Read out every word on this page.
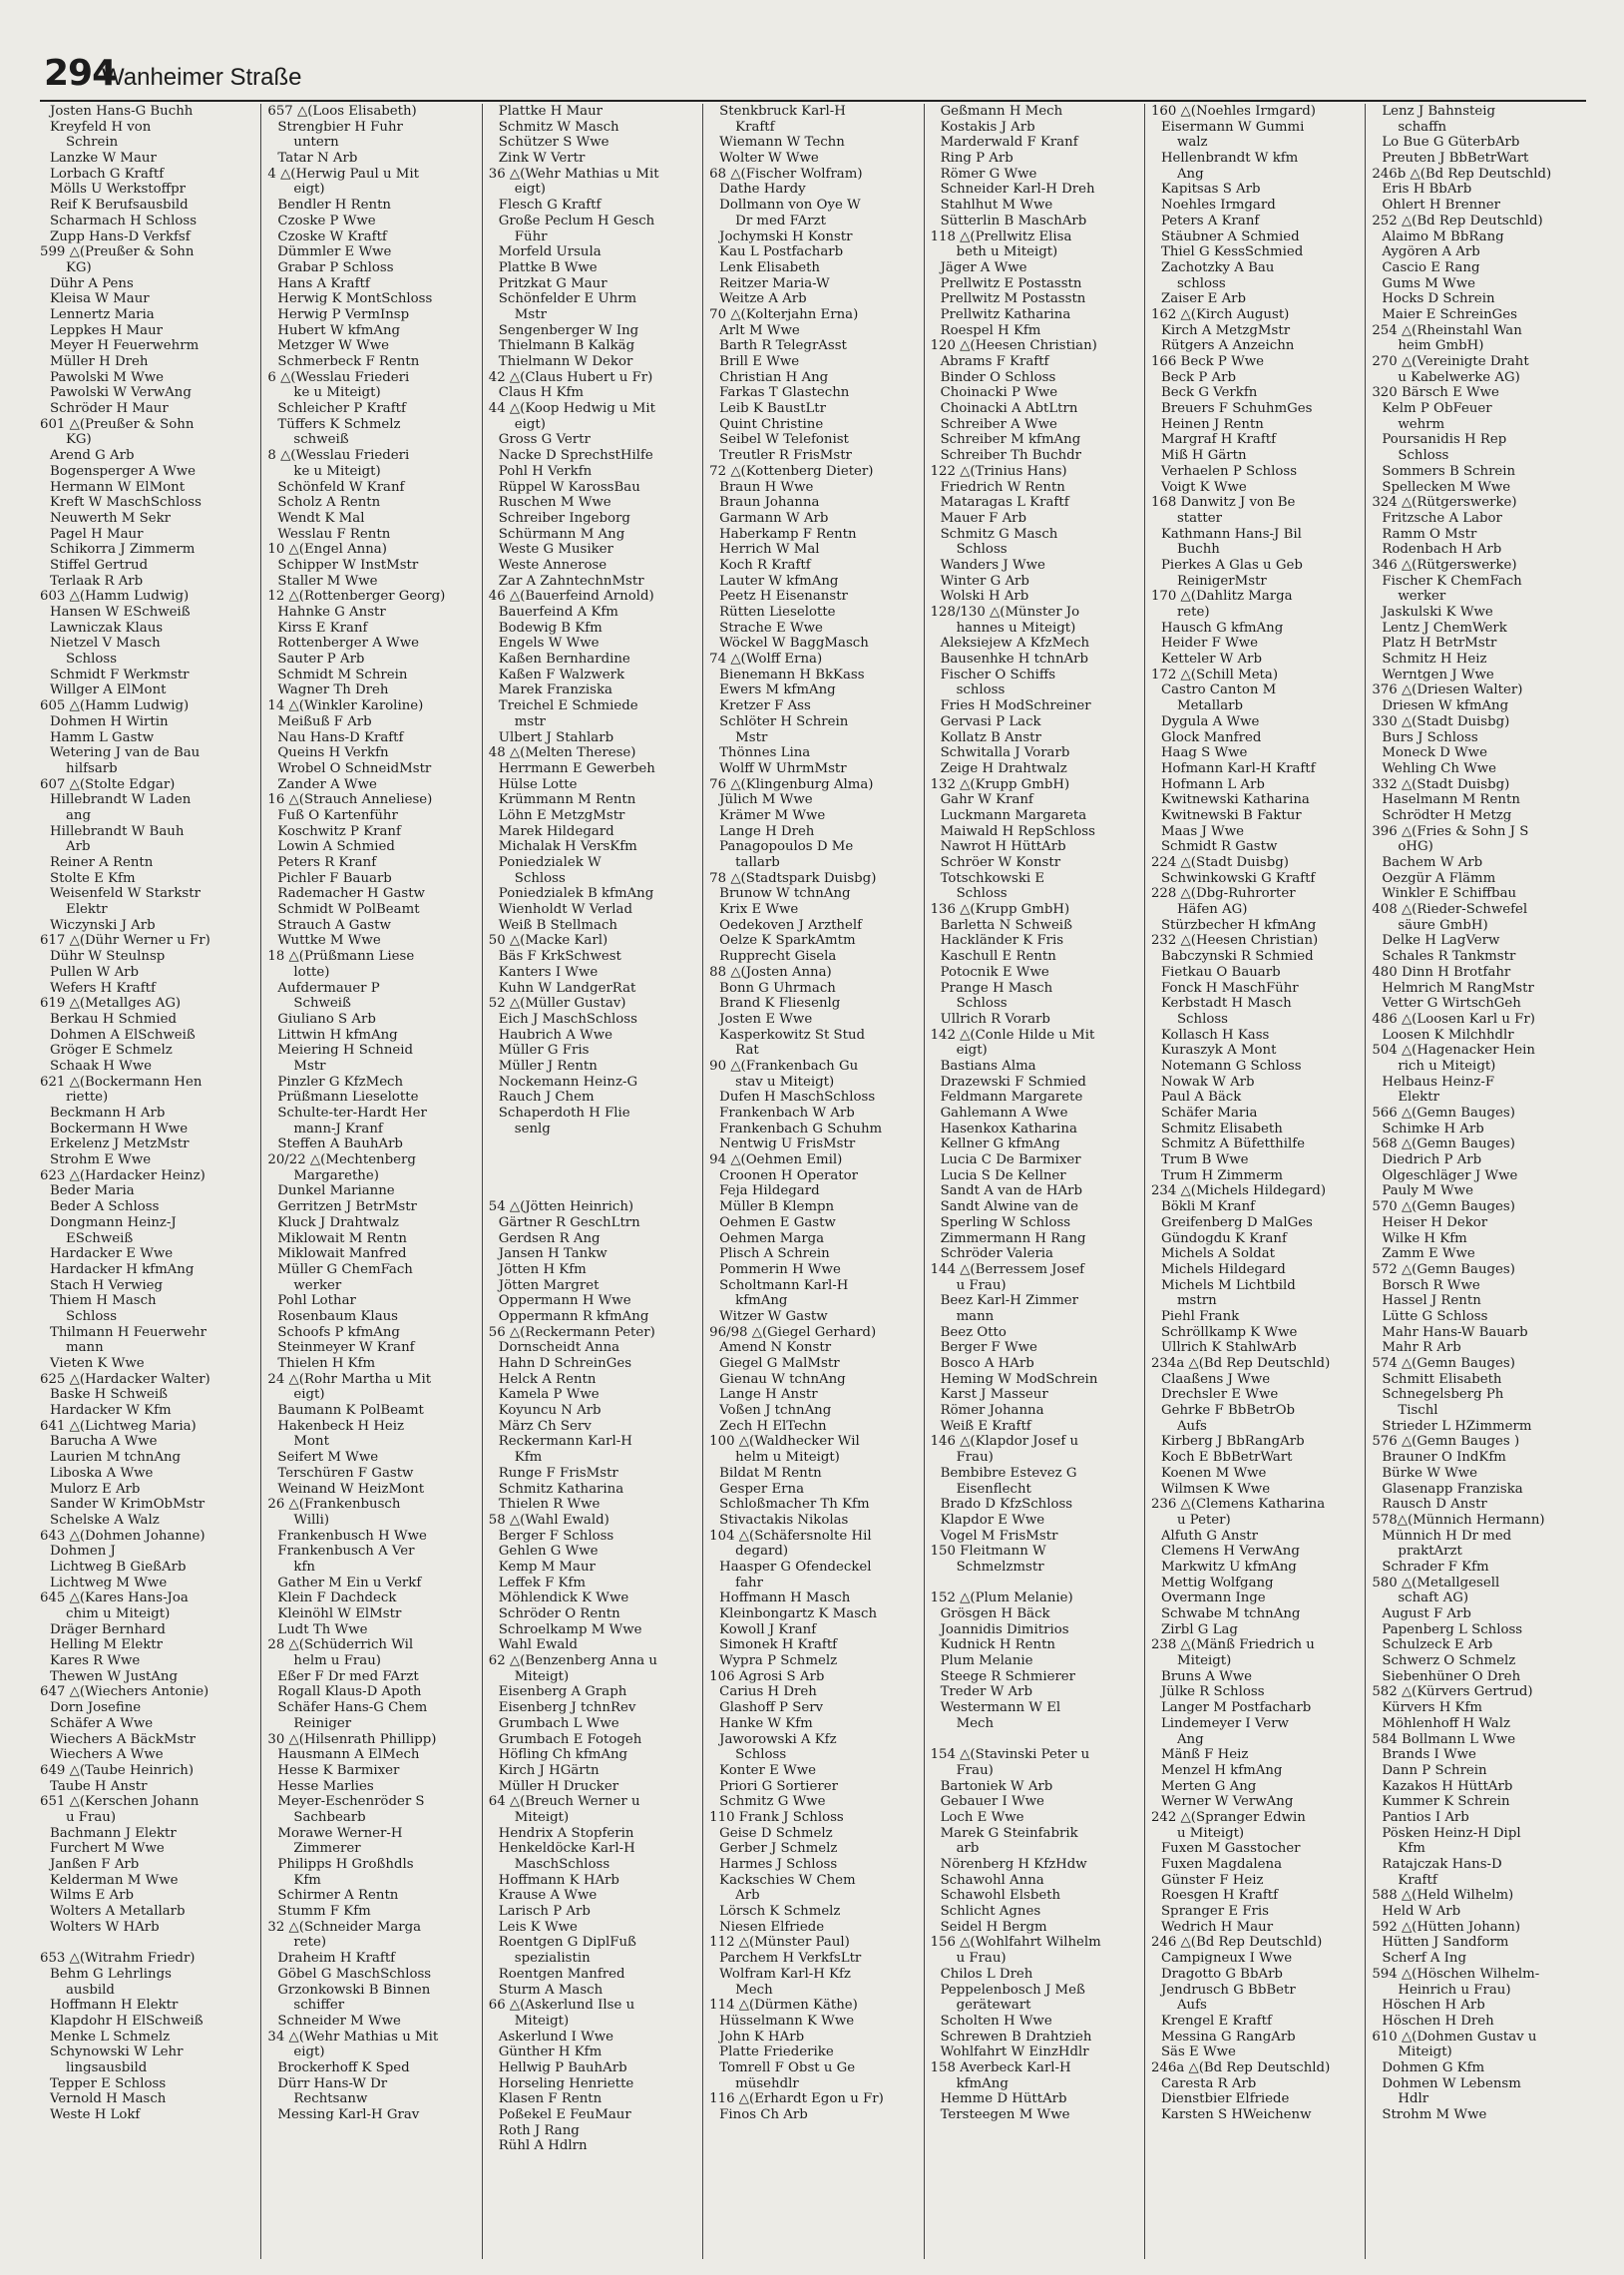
294
Wanheimer Straße
Josten Hans-G Buchh
Kreyfeld H von
Schrein
Lanzke W Maur
Lorbach G Kraftf
Mölls U Werkstoffpr
Reif K Berufsausbild
Scharmach H Schloss
Zupp Hans-D Verkfsf
599 △(Preußer & Sohn
KG)
Dühr A Pens
Kleisa W Maur
Lennertz Maria
Leppkes H Maur
Meyer H Feuerwehrm
Müller H Dreh
Pawolski M Wwe
Pawolski W VerwAng
Schröder H Maur
601 △(Preußer & Sohn
KG)
Arend G Arb
Bogensperger A Wwe
Hermann W ElMont
Kreft W MaschSchloss
Neuwerth M Sekr
Pagel H Maur
Schikorra J Zimmerm
Stiffel Gertrud
Terlaak R Arb
603 △(Hamm Ludwig)
Hansen W ESchweiß
Lawniczak Klaus
Nietzel V Masch
Schloss
Schmidt F Werkmstr
Willger A ElMont
605 △(Hamm Ludwig)
Dohmen H Wirtin
Hamm L Gastw
Wetering J van de Bau
hilfsarb
607 △(Stolte Edgar)
Hillebrandt W Laden
ang
Hillebrandt W Bauh
Arb
Reiner A Rentn
Stolte E Kfm
Weisenfeld W Starkstr
Elektr
Wiczynski J Arb
617 △(Dühr Werner u Fr)
Dühr W Steulnsp
Pullen W Arb
Wefers H Kraftf
619 △(Metallges AG)
Berkau H Schmied
Dohmen A ElSchweiß
Gröger E Schmelz
Schaak H Wwe
621 △(Bockermann Hen
riette)
Beckmann H Arb
Bockermann H Wwe
Erkelenz J MetzMstr
Strohm E Wwe
623 △(Hardacker Heinz)
Beder Maria
Beder A Schloss
Dongmann Heinz-J
ESchweiß
Hardacker E Wwe
Hardacker H kfmAng
Stach H Verwieg
Thiem H Masch
Schloss
Thilmann H Feuerwehr
mann
Vieten K Wwe
625 △(Hardacker Walter)
Baske H Schweiß
Hardacker W Kfm
641 △(Lichtweg Maria)
Barucha A Wwe
Laurien M tchnAng
Liboska A Wwe
Mulorz E Arb
Sander W KrimObMstr
Schelske A Walz
643 △(Dohmen Johanne)
Dohmen J
Lichtweg B GießArb
Lichtweg M Wwe
645 △(Kares Hans-Joa
chim u Miteigt)
Dräger Bernhard
Helling M Elektr
Kares R Wwe
Thewen W JustAng
647 △(Wiechers Antonie)
Dorn Josefine
Schäfer A Wwe
Wiechers A BäckMstr
Wiechers A Wwe
649 △(Taube Heinrich)
Taube H Anstr
651 △(Kerschen Johann
u Frau)
Bachmann J Elektr
Furchert M Wwe
Janßen F Arb
Kelderman M Wwe
Wilms E Arb
Wolters A Metallarb
Wolters W HArb

653 △(Witrahm Friedr)
Behm G Lehrlings
ausbild
Hoffmann H Elektr
Klapdohr H ElSchweiß
Menke L Schmelz
Schynowski W Lehr
lingsausbild
Tepper E Schloss
Vernold H Masch
Weste H Lokf
657 △(Loos Elisabeth)
Strengbier H Fuhr
untern
Tatar N Arb
4 △(Herwig Paul u Mit
eigt)
Bendler H Rentn
Czoske P Wwe
Czoske W Kraftf
Dümmler E Wwe
Grabar P Schloss
Hans A Kraftf
Herwig K MontSchloss
Herwig P VermInsp
Hubert W kfmAng
Metzger W Wwe
Schmerbeck F Rentn
6 △(Wesslau Friederi
ke u Miteigt)
Schleicher P Kraftf
Tüffers K Schmelz
schweiß
8 △(Wesslau Friederi
ke u Miteigt)
Schönfeld W Kranf
Scholz A Rentn
Wendt K Mal
Wesslau F Rentn
10 △(Engel Anna)
Schipper W InstMstr
Staller M Wwe
12 △(Rottenberger Georg)
Hahnke G Anstr
Kirss E Kranf
Rottenberger A Wwe
Sauter P Arb
Schmidt M Schrein
Wagner Th Dreh
14 △(Winkler Karoline)
Meißuß F Arb
Nau Hans-D Kraftf
Queins H Verkfn
Wrobel O SchneidMstr
Zander A Wwe
16 △(Strauch Anneliese)
Fuß O Kartenführ
Koschwitz P Kranf
Lowin A Schmied
Peters R Kranf
Pichler F Bauarb
Rademacher H Gastw
Schmidt W PolBeamt
Strauch A Gastw
Wuttke M Wwe
18 △(Prüßmann Liese
lotte)
Aufdermauer P
Schweiß
Giuliano S Arb
Littwin H kfmAng
Meiering H Schneid
Mstr
Pinzler G KfzMech
Prüßmann Lieselotte
Schulte-ter-Hardt Her
mann-J Kranf
Steffen A BauhArb
20/22 △(Mechtenberg
Margarethe)
Dunkel Marianne
Gerritzen J BetrMstr
Kluck J Drahtwalz
Miklowait M Rentn
Miklowait Manfred
Müller G ChemFach
werker
Pohl Lothar
Rosenbaum Klaus
Schoofs P kfmAng
Steinmeyer W Kranf
Thielen H Kfm
24 △(Rohr Martha u Mit
eigt)
Baumann K PolBeamt
Hakenbeck H Heiz
Mont
Seifert M Wwe
Terschüren F Gastw
Weinand W HeizMont
26 △(Frankenbusch
Willi)
Frankenbusch H Wwe
Frankenbusch A Ver
kfn
Gather M Ein u Verkf
Klein F Dachdeck
Kleinöhl W ElMstr
Ludt Th Wwe
28 △(Schüderrich Wil
helm u Frau)
Eßer F Dr med FArzt
Rogall Klaus-D Apoth
Schäfer Hans-G Chem
Reiniger
30 △(Hilsenrath Phillipp)
Hausmann A ElMech
Hesse K Barmixer
Hesse Marlies
Meyer-Eschenröder S
Sachbearb
Morawe Werner-H
Zimmerer
Philipps H Großhdls
Kfm
Schirmer A Rentn
Stumm F Kfm
32 △(Schneider Marga
rete)
Draheim H Kraftf
Göbel G MaschSchloss
Grzonkowski B Binnen
schiffer
Schneider M Wwe
34 △(Wehr Mathias u Mit
eigt)
Brockerhoff K Sped
Dürr Hans-W Dr
Rechtsanw
Messing Karl-H Grav
Plattke H Maur
Schmitz W Masch
Schützer S Wwe
Zink W Vertr
36 △(Wehr Mathias u Mit
eigt)
Flesch G Kraftf
Große Peclum H Gesch
Führ
Morfeld Ursula
Plattke B Wwe
Pritzkat G Maur
Schönfelder E Uhrm
Mstr
Sengenberger W Ing
Thielmann B Kalkäg
Thielmann W Dekor
42 △(Claus Hubert u Fr)
Claus H Kfm
44 △(Koop Hedwig u Mit
eigt)
Gross G Vertr
Nacke D SprechstHilfe
Pohl H Verkfn
Rüppel W KarossBau
Ruschen M Wwe
Schreiber Ingeborg
Schürmann M Ang
Weste G Musiker
Weste Annerose
Zar A ZahntechnMstr
46 △(Bauerfeind Arnold)
Bauerfeind A Kfm
Bodewig B Kfm
Engels W Wwe
Kaßen Bernhardine
Kaßen F Walzwerk
Marek Franziska
Treichel E Schmiede
mstr
Ulbert J Stahlarb
48 △(Melten Therese)
Herrmann E Gewerbeh
Hülse Lotte
Krümmann M Rentn
Löhn E MetzgMstr
Marek Hildegard
Michalak H VersKfm
Poniedzialek W
Schloss
Poniedzialek B kfmAng
Wienholdt W Verlad
Weiß B Stellmach
50 △(Macke Karl)
Bäs F KrkSchwest
Kanters I Wwe
Kuhn W LandgerRat
52 △(Müller Gustav)
Eich J MaschSchloss
Haubrich A Wwe
Müller G Fris
Müller J Rentn
Nockemann Heinz-G
Rauch J Chem
Schaperdoth H Flie
senlg

54 △(Jötten Heinrich)
Gärtner R GeschLtrn
Gerdsen R Ang
Jansen H Tankw
Jötten H Kfm
Jötten Margret
Oppermann H Wwe
Oppermann R kfmAng
56 △(Reckermann Peter)
Dornscheidt Anna
Hahn D SchreinGes
Helck A Rentn
Kamela P Wwe
Koyuncu N Arb
März Ch Serv
Reckermann Karl-H
Kfm
Runge F FrisMstr
Schmitz Katharina
Thielen R Wwe
58 △(Wahl Ewald)
Berger F Schloss
Gehlen G Wwe
Kemp M Maur
Leffek F Kfm
Möhlendick K Wwe
Schröder O Rentn
Schroelkamp M Wwe
Wahl Ewald
62 △(Benzenberg Anna u
Miteigt)
Eisenberg A Graph
Eisenberg J tchnRev
Grumbach L Wwe
Grumbach E Fotogeh
Höfling Ch kfmAng
Kirch J HGärtn
Müller H Drucker
64 △(Breuch Werner u
Miteigt)
Hendrix A Stopferin
Henkeldöcke Karl-H
MaschSchloss
Hoffmann K HArb
Krause A Wwe
Larisch P Arb
Leis K Wwe
Roentgen G DiplFuß
spezialistin
Roentgen Manfred
Sturm A Masch
66 △(Askerlund Ilse u
Miteigt)
Askerlund I Wwe
Günther H Kfm
Hellwig P BauhArb
Horseling Henriette
Klasen F Rentn
Poßekel E FeuMaur
Roth J Rang
Rühl A Hdlrn
Stenkbruck Karl-H
Kraftf
Wiemann W Techn
Wolter W Wwe
68 △(Fischer Wolfram)
Dathe Hardy
Dollmann von Oye W
Dr med FArzt
Jochymski H Konstr
Kau L Postfacharb
Lenk Elisabeth
Reitzer Maria-W
Weitze A Arb
70 △(Kolterjahn Erna)
Arlt M Wwe
Barth R TelegrAsst
Brill E Wwe
Christian H Ang
Farkas T Glastechn
Leib K BaustLtr
Quint Christine
Seibel W Telefonist
Treutler R FrisMstr
72 △(Kottenberg Dieter)
Braun H Wwe
Braun Johanna
Garmann W Arb
Haberkamp F Rentn
Herrich W Mal
Koch R Kraftf
Lauter W kfmAng
Peetz H Eisenanstr
Rütten Lieselotte
Strache E Wwe
Wöckel W BaggMasch
74 △(Wolff Erna)
Bienemann H BkKass
Ewers M kfmAng
Kretzer F Ass
Schlöter H Schrein
Mstr
Thönnes Lina
Wolff W UhrmMstr
76 △(Klingenburg Alma)
Jülich M Wwe
Krämer M Wwe
Lange H Dreh
Panagopoulos D Me
tallarb
78 △(Stadtspark Duisbg)
Brunow W tchnAng
Krix E Wwe
Oedekoven J Arzthelf
Oelze K SparkAmtm
Rupprecht Gisela
88 △(Josten Anna)
Bonn G Uhrmach
Brand K Fliesenlg
Josten E Wwe
Kasperkowitz St Stud
Rat
90 △(Frankenbach Gu
stav u Miteigt)
Dufen H MaschSchloss
Frankenbach W Arb
Frankenbach G Schuhm
Nentwig U FrisMstr
94 △(Oehmen Emil)
Croonen H Operator
Feja Hildegard
Müller B Klempn
Oehmen E Gastw
Oehmen Marga
Plisch A Schrein
Pommerin H Wwe
Scholtmann Karl-H
kfmAng
Witzer W Gastw
96/98 △(Giegel Gerhard)
Amend N Konstr
Giegel G MalMstr
Gienau W tchnAng
Lange H Anstr
Voßen J tchnAng
Zech H ElTechn
100 △(Waldhecker Wil
helm u Miteigt)
Bildat M Rentn
Gesper Erna
Schloßmacher Th Kfm
Stivactakis Nikolas
104 △(Schäfersnolte Hil
degard)
Haasper G Ofendeckel
fahr
Hoffmann H Masch
Kleinbongartz K Masch
Kowoll J Kranf
Simonek H Kraftf
Wypra P Schmelz
106 Agrosi S Arb
Carius H Dreh
Glashoff P Serv
Hanke W Kfm
Jaworowski A Kfz
Schloss
Konter E Wwe
Priori G Sortierer
Schmitz G Wwe
110 Frank J Schloss
Geise D Schmelz
Gerber J Schmelz
Harmes J Schloss
Kackschies W Chem
Arb
Lörsch K Schmelz
Niesen Elfriede
112 △(Münster Paul)
Parchem H VerkfsLtr
Wolfram Karl-H Kfz
Mech
114 △(Dürmen Käthe)
Hüsselmann K Wwe
John K HArb
Platte Friederike
Tomrell F Obst u Ge
müsehdlr
116 △(Erhardt Egon u Fr)
Finos Ch Arb
Geßmann H Mech
Kostakis J Arb
Marderwald F Kranf
Ring P Arb
Römer G Wwe
Schneider Karl-H Dreh
Stahlhut M Wwe
Sütterlin B MaschArb
118 △(Prellwitz Elisa
beth u Miteigt)
Jäger A Wwe
Prellwitz E Postasstn
Prellwitz M Postasstn
Prellwitz Katharina
Roespel H Kfm
120 △(Heesen Christian)
Abrams F Kraftf
Binder O Schloss
Choinacki P Wwe
Choinacki A AbtLtrn
Schreiber A Wwe
Schreiber M kfmAng
Schreiber Th Buchdr
122 △(Trinius Hans)
Friedrich W Rentn
Mataragas L Kraftf
Mauer F Arb
Schmitz G Masch
Schloss
Wanders J Wwe
Winter G Arb
Wolski H Arb
128/130 △(Münster Jo
hannes u Miteigt)
Aleksiejew A KfzMech
Bausenhke H tchnArb
Fischer O Schiffs
schloss
Fries H ModSchreiner
Gervasi P Lack
Kollatz B Anstr
Schwitalla J Vorarb
Zeige H Drahtwalz
132 △(Krupp GmbH)
Gahr W Kranf
Luckmann Margareta
Maiwald H RepSchloss
Nawrot H HüttArb
Schröer W Konstr
Totschkowski E
Schloss
136 △(Krupp GmbH)
Barletta N Schweiß
Hackländer K Fris
Kaschull E Rentn
Potocnik E Wwe
Prange H Masch
Schloss
Ullrich R Vorarb
142 △(Conle Hilde u Mit
eigt)
Bastians Alma
Drazewski F Schmied
Feldmann Margarete
Gahlemann A Wwe
Hasenkox Katharina
Kellner G kfmAng
Lucia C De Barmixer
Lucia S De Kellner
Sandt A van de HArb
Sandt Alwine van de
Sperling W Schloss
Zimmermann H Rang
Schröder Valeria
144 △(Berressem Josef
u Frau)
Beez Karl-H Zimmer
mann
Beez Otto
Berger F Wwe
Bosco A HArb
Heming W ModSchrein
Karst J Masseur
Römer Johanna
Weiß E Kraftf
146 △(Klapdor Josef u
Frau)
Bembibre Estevez G
Eisenflecht
Brado D KfzSchloss
Klapdor E Wwe
Vogel M FrisMstr
150 Fleitmann W
Schmelzmstr

152 △(Plum Melanie)
Grösgen H Bäck
Joannidis Dimitrios
Kudnick H Rentn
Plum Melanie
Steege R Schmierer
Treder W Arb
Westermann W El
Mech

154 △(Stavinski Peter u
Frau)
Bartoniek W Arb
Gebauer I Wwe
Loch E Wwe
Marek G Steinfabrik
arb
Nörenberg H KfzHdw
Schawohl Anna
Schawohl Elsbeth
Schlicht Agnes
Seidel H Bergm
156 △(Wohlfahrt Wilhelm
u Frau)
Chilos L Dreh
Peppelenbosch J Meß
gerätewart
Scholten H Wwe
Schrewen B Drahtzieh
Wohlfahrt W EinzHdlr
158 Averbeck Karl-H
kfmAng
Hemme D HüttArb
Tersteegen M Wwe
160 △(Noehles Irmgard)
Eisermann W Gummi
walz
Hellenbrandt W kfm
Ang
Kapitsas S Arb
Noehles Irmgard
Peters A Kranf
Stäubner A Schmied
Thiel G KessSchmied
Zachotzky A Bau
schloss
Zaiser E Arb
162 △(Kirch August)
Kirch A MetzgMstr
Rütgers A Anzeichn
166 Beck P Wwe
Beck P Arb
Beck G Verkfn
Breuers F SchuhmGes
Heinen J Rentn
Margraf H Kraftf
Miß H Gärtn
Verhaelen P Schloss
Voigt K Wwe
168 Danwitz J von Be
statter
Kathmann Hans-J Bil
Buchh
Pierkes A Glas u Geb
ReinigerMstr
170 △(Dahlitz Marga
rete)
Hausch G kfmAng
Heider F Wwe
Ketteler W Arb
172 △(Schill Meta)
Castro Canton M
Metallarb
Dygula A Wwe
Glock Manfred
Haag S Wwe
Hofmann Karl-H Kraftf
Hofmann L Arb
Kwitnewski Katharina
Kwitnewski B Faktur
Maas J Wwe
Schmidt R Gastw
224 △(Stadt Duisbg)
Schwinkowski G Kraftf
228 △(Dbg-Ruhrorter
Häfen AG)
Stürzbecher H kfmAng
232 △(Heesen Christian)
Babczynski R Schmied
Fietkau O Bauarb
Fonck H MaschFühr
Kerbstadt H Masch
Schloss
Kollasch H Kass
Kuraszyk A Mont
Notemann G Schloss
Nowak W Arb
Paul A Bäck
Schäfer Maria
Schmitz Elisabeth
Schmitz A Büfetthilfe
Trum B Wwe
Trum H Zimmerm
234 △(Michels Hildegard)
Bökli M Kranf
Greifenberg D MalGes
Gündogdu K Kranf
Michels A Soldat
Michels Hildegard
Michels M Lichtbild
mstrn
Piehl Frank
Schröllkamp K Wwe
Ullrich K StahlwArb
234a △(Bd Rep Deutschld)
Claaßens J Wwe
Drechsler E Wwe
Gehrke F BbBetrOb
Aufs
Kirberg J BbRangArb
Koch E BbBetrWart
Koenen M Wwe
Wilmsen K Wwe
236 △(Clemens Katharina
u Peter)
Alfuth G Anstr
Clemens H VerwAng
Markwitz U kfmAng
Mettig Wolfgang
Overmann Inge
Schwabe M tchnAng
Zirbl G Lag
238 △(Mänß Friedrich u
Miteigt)
Bruns A Wwe
Jülke R Schloss
Langer M Postfacharb
Lindemeyer I Verw
Ang
Mänß F Heiz
Menzel H kfmAng
Merten G Ang
Werner W VerwAng
242 △(Spranger Edwin
u Miteigt)
Fuxen M Gasstocher
Fuxen Magdalena
Günster F Heiz
Roesgen H Kraftf
Spranger E Fris
Wedrich H Maur
246 △(Bd Rep Deutschld)
Campigneux I Wwe
Dragotto G BbArb
Jendrusch G BbBetr
Aufs
Krengel E Kraftf
Messina G RangArb
Säs E Wwe
246a △(Bd Rep Deutschld)
Caresta R Arb
Dienstbier Elfriede
Karsten S HWeichenw
Lenz J Bahnsteig
schaffn
Lo Bue G GüterbArb
Preuten J BbBetrWart
246b △(Bd Rep Deutschld)
Eris H BbArb
Ohlert H Brenner
252 △(Bd Rep Deutschld)
Alaimo M BbRang
Aygören A Arb
Cascio E Rang
Gums M Wwe
Hocks D Schrein
Maier E SchreinGes
254 △(Rheinstahl Wan
heim GmbH)
270 △(Vereinigte Draht
u Kabelwerke AG)
320 Bärsch E Wwe
Kelm P ObFeuer
wehrm
Poursanidis H Rep
Schloss
Sommers B Schrein
Spellecken M Wwe
324 △(Rütgerswerke)
Fritzsche A Labor
Ramm O Mstr
Rodenbach H Arb
346 △(Rütgerswerke)
Fischer K ChemFach
werker
Jaskulski K Wwe
Lentz J ChemWerk
Platz H BetrMstr
Schmitz H Heiz
Werntgen J Wwe
376 △(Driesen Walter)
Driesen W kfmAng
330 △(Stadt Duisbg)
Burs J Schloss
Moneck D Wwe
Wehling Ch Wwe
332 △(Stadt Duisbg)
Haselmann M Rentn
Schrödter H Metzg
396 △(Fries & Sohn J S
oHG)
Bachem W Arb
Oezgür A Flämm
Winkler E Schiffbau
408 △(Rieder-Schwefel
säure GmbH)
Delke H LagVerw
Schales R Tankmstr
480 Dinn H Brotfahr
Helmrich M RangMstr
Vetter G WirtschGeh
486 △(Loosen Karl u Fr)
Loosen K Milchhdlr
504 △(Hagenacker Hein
rich u Miteigt)
Helbaus Heinz-F
Elektr
566 △(Gemn Bauges)
Schimke H Arb
568 △(Gemn Bauges)
Diedrich P Arb
Olgeschläger J Wwe
Pauly M Wwe
570 △(Gemn Bauges)
Heiser H Dekor
Wilke H Kfm
Zamm E Wwe
572 △(Gemn Bauges)
Borsch R Wwe
Hassel J Rentn
Lütte G Schloss
Mahr Hans-W Bauarb
Mahr R Arb
574 △(Gemn Bauges)
Schmitt Elisabeth
Schnegelsberg Ph
Tischl
Strieder L HZimmerm
576 △(Gemn Bauges )
Brauner O IndKfm
Bürke W Wwe
Glasenapp Franziska
Rausch D Anstr
578△(Münnich Hermann)
Münnich H Dr med
praktArzt
Schrader F Kfm
580 △(Metallgesell
schaft AG)
August F Arb
Papenberg L Schloss
Schulzeck E Arb
Schwerz O Schmelz
Siebenhüner O Dreh
582 △(Kürvers Gertrud)
Kürvers H Kfm
Möhlenhoff H Walz
584 Bollmann L Wwe
Brands I Wwe
Dann P Schrein
Kazakos H HüttArb
Kummer K Schrein
Pantios I Arb
Pösken Heinz-H Dipl
Kfm
Ratajczak Hans-D
Kraftf
588 △(Held Wilhelm)
Held W Arb
592 △(Hütten Johann)
Hütten J Sandform
Scherf A Ing
594 △(Höschen Wilhelm-
Heinrich u Frau)
Höschen H Arb
Höschen H Dreh
610 △(Dohmen Gustav u
Miteigt)
Dohmen G Kfm
Dohmen W Lebensm
Hdlr
Strohm M Wwe
